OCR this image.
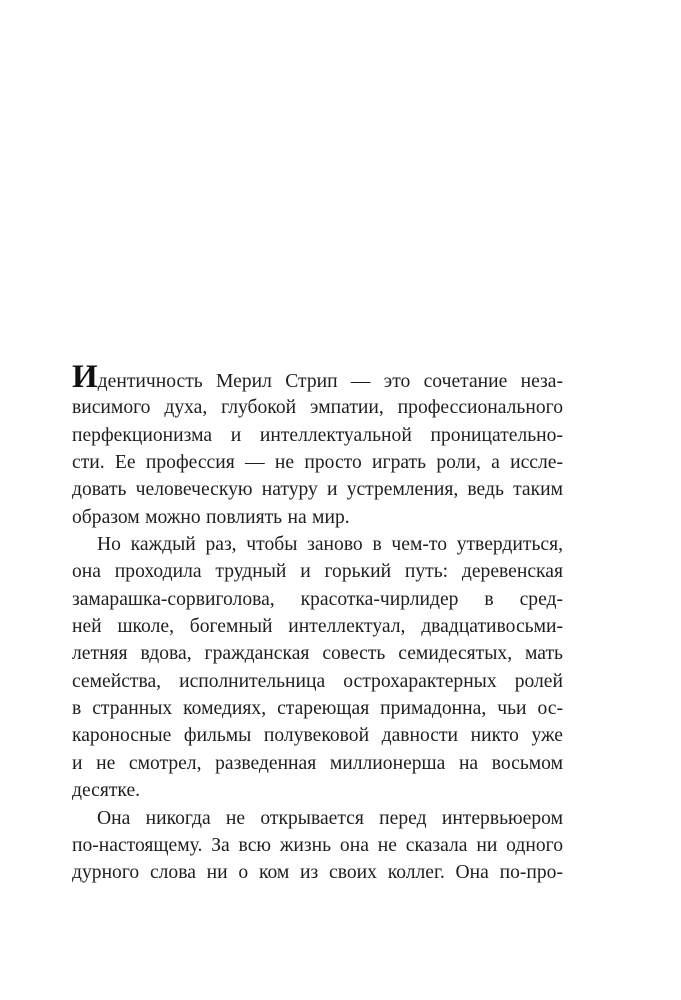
Идентичность Мерил Стрип — это сочетание неза-
висимого духа, глубокой эмпатии, профессионального
перфекционизма и интеллектуальной проницательно-
сти. Ее профессия — не просто играть роли, а иссле-
довать человеческую натуру и устремления, ведь таким
образом можно повлиять на мир.
Но каждый раз, чтобы заново в чем-то утвердиться,
она проходила трудный и горький путь: деревенская
замарашка-сорвиголова, красотка-чирлидер в сред-
ней школе, богемный интеллектуал, двадцативосьми-
летняя вдова, гражданская совесть семидесятых, мать
семейства, исполнительница острохарактерных ролей
в странных комедиях, стареющая примадонна, чьи ос-
кароносные фильмы полувековой давности никто уже
и не смотрел, разведенная миллионерша на восьмом
десятке.
Она никогда не открывается перед интервьюером
по-настоящему. За всю жизнь она не сказала ни одного
дурного слова ни о ком из своих коллег. Она по-про-
